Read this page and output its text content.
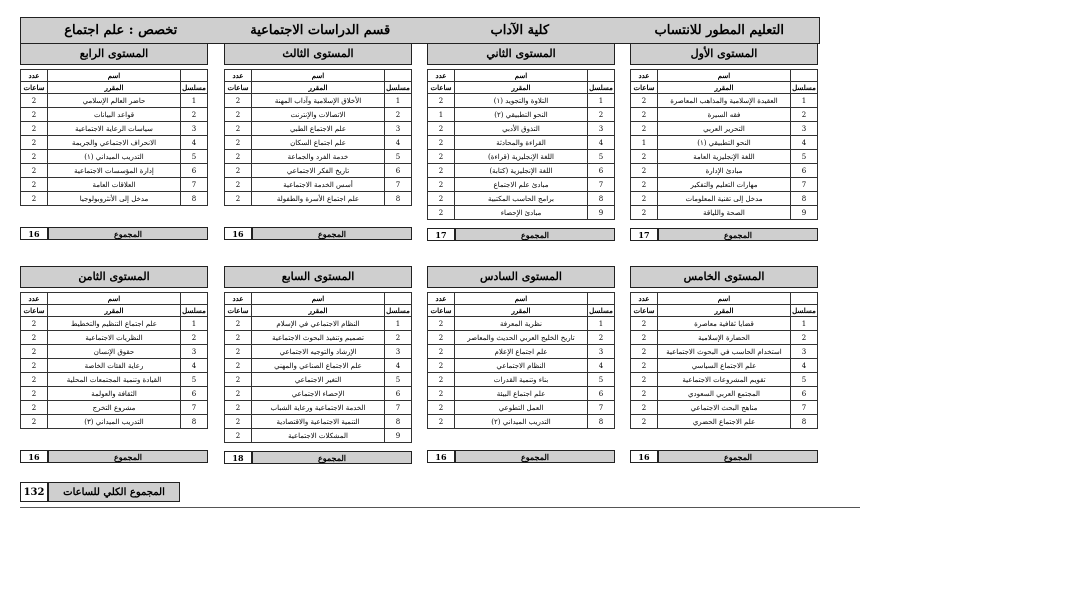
التعليم المطور للانتساب
كلية الآداب
قسم الدراسات الاجتماعية
تخصص : علم اجتماع
المستوى الأول
	اسم	عدد
مسلسل	المقرر	ساعات
1	العقيدة الإسلامية والمذاهب المعاصرة	2
2	فقه السيرة	2
3	التحرير العربي	2
4	النحو التطبيقي (١)	1
5	اللغة الإنجليزية العامة	2
6	مبادئ الإدارة	2
7	مهارات التعليم والتفكير	2
8	مدخل إلى تقنية المعلومات	2
9	الصحة واللياقة	2
المجموع
17
المستوى الثاني
	اسم	عدد
مسلسل	المقرر	ساعات
1	التلاوة والتجويد (١)	2
2	النحو التطبيقي (٢)	1
3	التذوق الأدبي	2
4	القراءة والمحادثة	2
5	اللغة الإنجليزية (قراءة)	2
6	اللغة الإنجليزية (كتابة)	2
7	مبادئ علم الاجتماع	2
8	برامج الحاسب المكتبية	2
9	مبادئ الإحصاء	2
المجموع
17
المستوى الثالث
	اسم	عدد
مسلسل	المقرر	ساعات
1	الأخلاق الإسلامية وآداب المهنة	2
2	الاتصالات والإنترنت	2
3	علم الاجتماع الطبي	2
4	علم اجتماع السكان	2
5	خدمة الفرد والجماعة	2
6	تاريخ الفكر الاجتماعي	2
7	أسس الخدمة الاجتماعية	2
8	علم اجتماع الأسرة والطفولة	2

المجموع
16
المستوى الرابع
	اسم	عدد
مسلسل	المقرر	ساعات
1	حاضر العالم الإسلامي	2
2	قواعد البيانات	2
3	سياسات الرعاية الاجتماعية	2
4	الانحراف الاجتماعي والجريمة	2
5	التدريب الميداني (١)	2
6	إدارة المؤسسات الاجتماعية	2
7	العلاقات العامة	2
8	مدخل إلى الأنثروبولوجيا	2

المجموع
16
المستوى الخامس
	اسم	عدد
مسلسل	المقرر	ساعات
1	قضايا ثقافية معاصرة	2
2	الحضارة الإسلامية	2
3	استخدام الحاسب في البحوث الاجتماعية	2
4	علم الاجتماع السياسي	2
5	تقويم المشروعات الاجتماعية	2
6	المجتمع العربي السعودي	2
7	مناهج البحث الاجتماعي	2
8	علم الاجتماع الحضري	2

المجموع
16
المستوى السادس
	اسم	عدد
مسلسل	المقرر	ساعات
1	نظرية المعرفة	2
2	تاريخ الخليج العربي الحديث والمعاصر	2
3	علم اجتماع الإعلام	2
4	النظام الاجتماعي	2
5	بناء وتنمية القدرات	2
6	علم اجتماع البيئة	2
7	العمل التطوعي	2
8	التدريب الميداني (٢)	2

المجموع
16
المستوى السابع
	اسم	عدد
مسلسل	المقرر	ساعات
1	النظام الاجتماعي في الإسلام	2
2	تصميم وتنفيذ البحوث الاجتماعية	2
3	الإرشاد والتوجيه الاجتماعي	2
4	علم الاجتماع الصناعي والمهني	2
5	التغير الاجتماعي	2
6	الإحصاء الاجتماعي	2
7	الخدمة الاجتماعية ورعاية الشباب	2
8	التنمية الاجتماعية والاقتصادية	2
9	المشكلات الاجتماعية	2
المجموع
18
المستوى الثامن
	اسم	عدد
مسلسل	المقرر	ساعات
1	علم اجتماع التنظيم والتخطيط	2
2	النظريات الاجتماعية	2
3	حقوق الإنسان	2
4	رعاية الفئات الخاصة	2
5	القيادة وتنمية المجتمعات المحلية	2
6	الثقافة والعولمة	2
7	مشروع التخرج	2
8	التدريب الميداني (٣)	2

المجموع
16
المجموع الكلي للساعات
132
